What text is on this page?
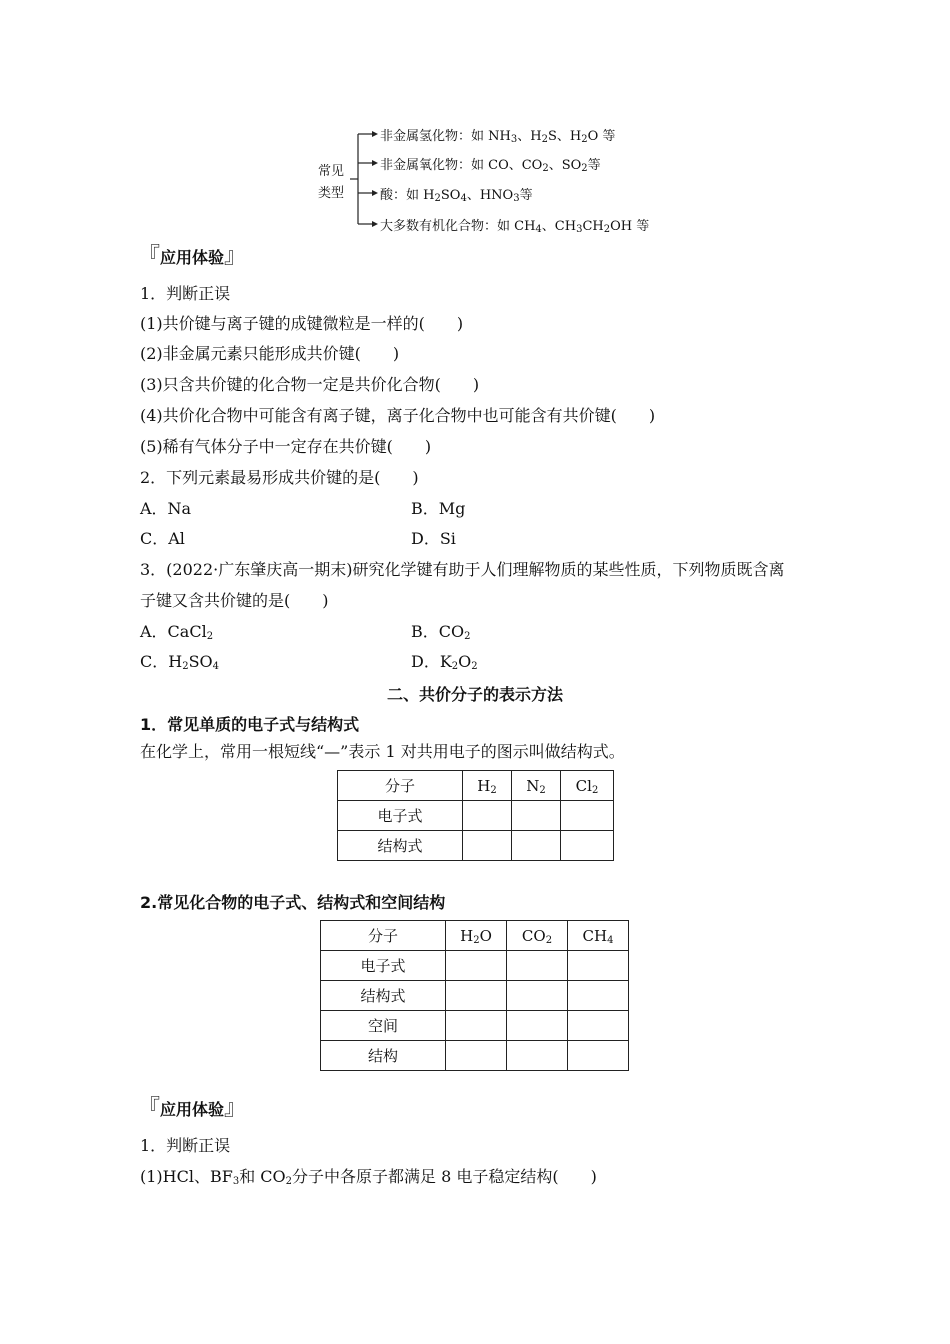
常见
类型
非金属氢化物：如 $NH_3$、$H_2S$、$H_2O$ 等
非金属氧化物：如 CO、$CO_2$、$SO_2$等
酸：如 $H_2SO_4$、$HNO_3$等
大多数有机化合物：如 $CH_4$、$CH_3CH_2OH$ 等
『应用体验』
1．判断正误
(1)共价键与离子键的成键微粒是一样的(　　)
(2)非金属元素只能形成共价键(　　)
(3)只含共价键的化合物一定是共价化合物(　　)
(4)共价化合物中可能含有离子键，离子化合物中也可能含有共价键(　　)
(5)稀有气体分子中一定存在共价键(　　)
2．下列元素最易形成共价键的是(　　)
A．Na	B．Mg
C．Al	D．Si
3．(2022·广东肇庆高一期末)研究化学键有助于人们理解物质的某些性质，下列物质既含离
子键又含共价键的是(　　)
A．CaCl$_2$	B．$CO_2$
C．$H_2SO_4$	D．$K_2O_2$
二、共价分子的表示方法
1．常见单质的电子式与结构式
在化学上，常用一根短线“—”表示 1 对共用电子的图示叫做结构式。
分子	$H_2$	$N_2$	$Cl_2$
电子式			
结构式			
2.常见化合物的电子式、结构式和空间结构
分子	$H_2O$	$CO_2$	$CH_4$
电子式			
结构式			
空间			
结构			
『应用体验』
1．判断正误
(1)HCl、$BF_3$和 $CO_2$分子中各原子都满足 8 电子稳定结构(　　)
